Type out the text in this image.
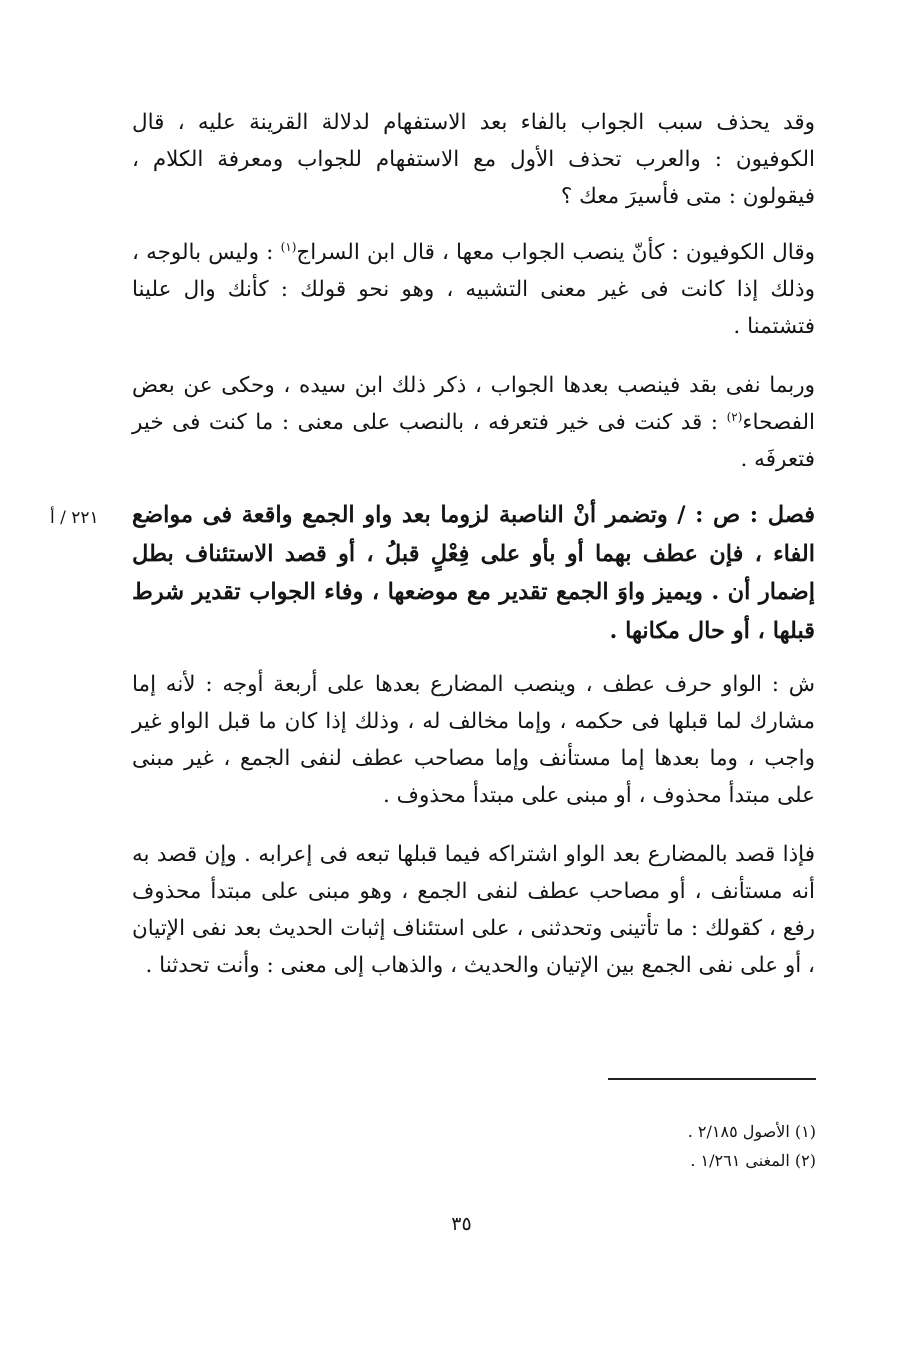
وقد يحذف سبب الجواب بالفاء بعد الاستفهام لدلالة القرينة عليه ، قال الكوفيون : والعرب تحذف الأول مع الاستفهام للجواب ومعرفة الكلام ، فيقولون : متى فأسيرَ معك ؟

وقال الكوفيون : كأنّ ينصب الجواب معها ، قال ابن السراج$^{(١)}$ : وليس بالوجه ، وذلك إذا كانت فى غير معنى التشبيه ، وهو نحو قولك : كأنك وال علينا فتشتمنا .

وربما نفى بقد فينصب بعدها الجواب ، ذكر ذلك ابن سيده ، وحكى عن بعض الفصحاء$^{(٢)}$ : قد كنت فى خير فتعرفه ، بالنصب على معنى : ما كنت فى خير فتعرفَه .

٢٢١ / أ فصل : ص : / وتضمر أنْ الناصبة لزوما بعد واو الجمع واقعة فى مواضع الفاء ، فإن عطف بهما أو بأو على فِعْلٍ قبلُ ، أو قصد الاستئناف بطل إضمار أن . ويميز واوَ الجمع تقدير مع موضعها ، وفاء الجواب تقدير شرط قبلها ، أو حال مكانها .

ش : الواو حرف عطف ، وينصب المضارع بعدها على أربعة أوجه : لأنه إما مشارك لما قبلها فى حكمه ، وإما مخالف له ، وذلك إذا كان ما قبل الواو غير واجب ، وما بعدها إما مستأنف وإما مصاحب عطف لنفى الجمع ، غير مبنى على مبتدأ محذوف ، أو مبنى على مبتدأ محذوف .

فإذا قصد بالمضارع بعد الواو اشتراكه فيما قبلها تبعه فى إعرابه . وإن قصد به أنه مستأنف ، أو مصاحب عطف لنفى الجمع ، وهو مبنى على مبتدأ محذوف رفع ، كقولك : ما تأتينى وتحدثنى ، على استئناف إثبات الحديث بعد نفى الإتيان ، أو على نفى الجمع بين الإتيان والحديث ، والذهاب إلى معنى : وأنت تحدثنا .

(١) الأصول ٢/١٨٥ .
(٢) المغنى ١/٢٦١ .
٣٥
